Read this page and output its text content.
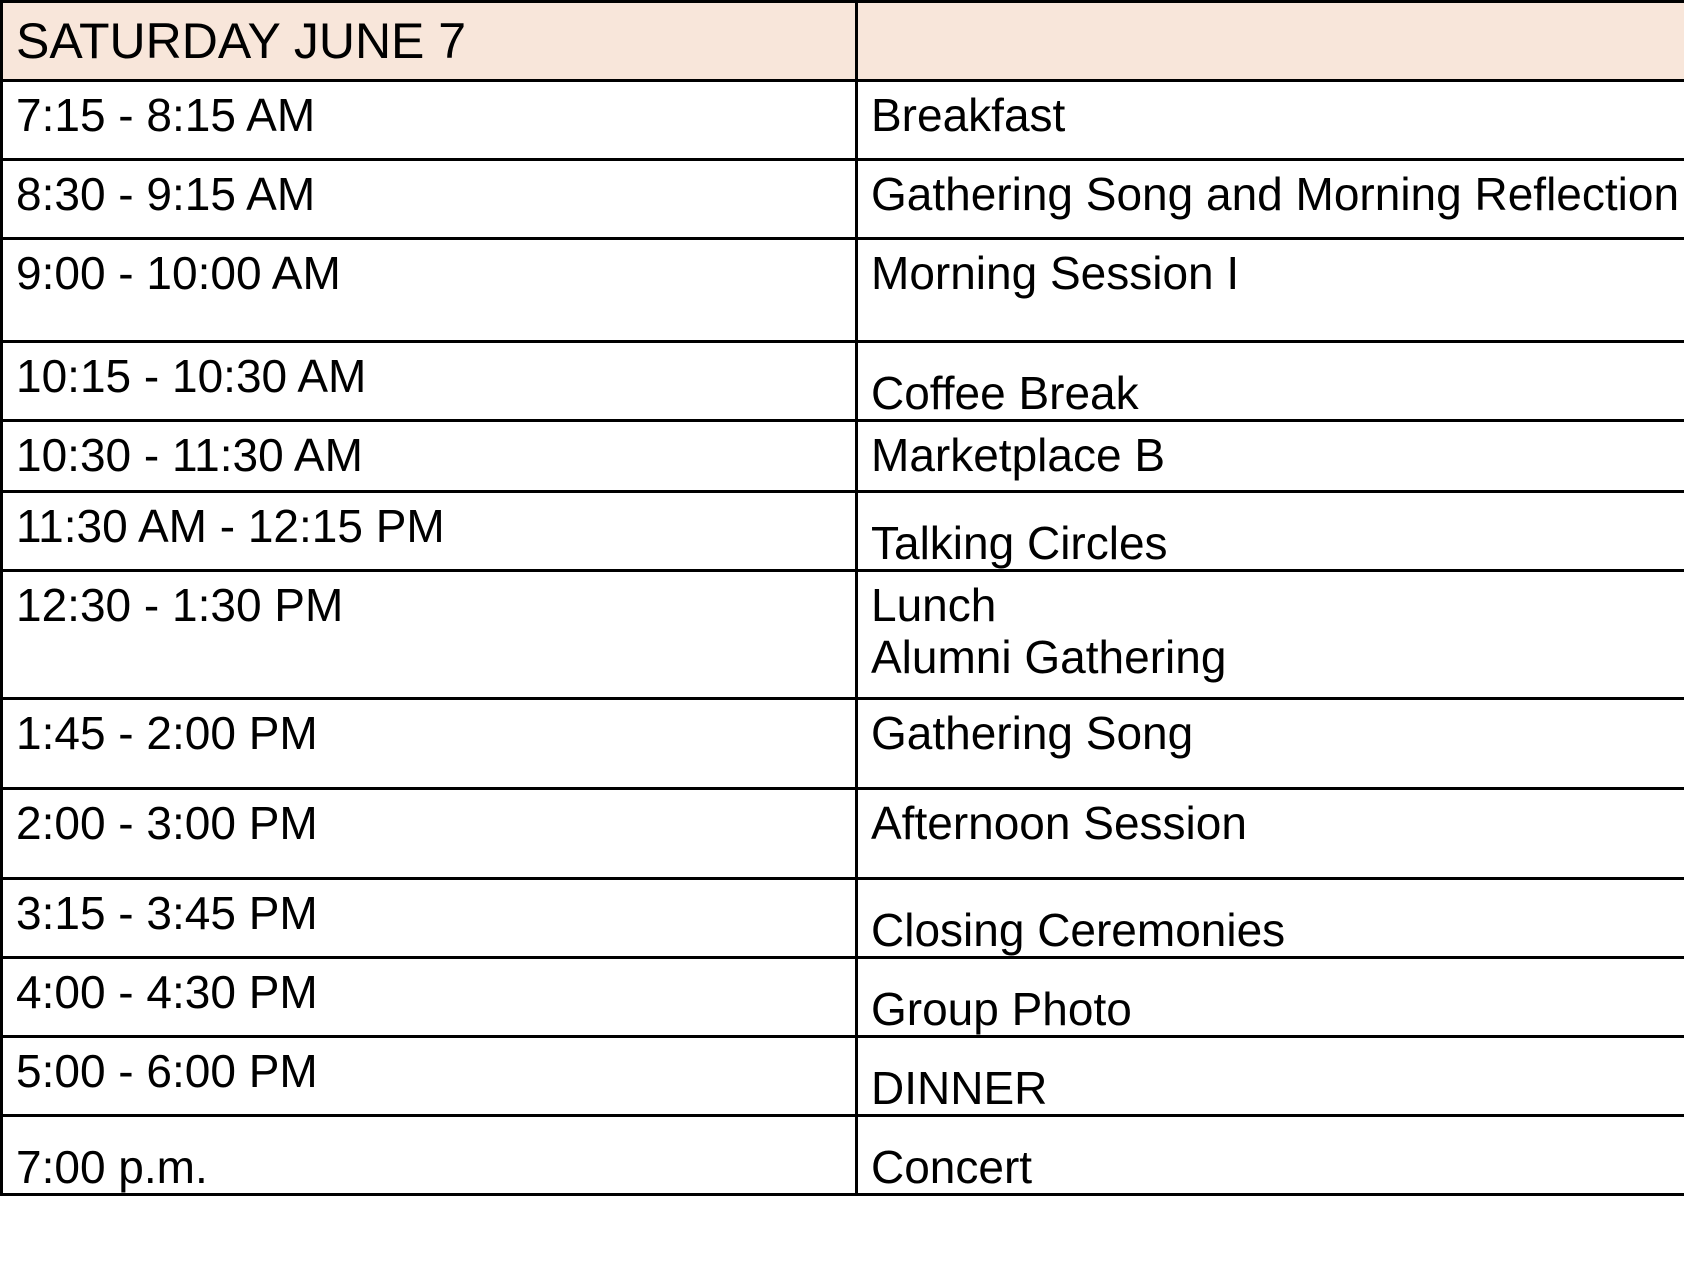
SATURDAY JUNE 7	

7:15 - 8:15 AM	Breakfast

8:30 - 9:15 AM	Gathering Song and Morning Reflection

9:00 - 10:00 AM	Morning Session I

10:15 - 10:30 AM	Coffee Break

10:30 - 11:30 AM	Marketplace B

11:30 AM - 12:15 PM	Talking Circles

12:30 - 1:30 PM	Lunch
Alumni Gathering

1:45 - 2:00 PM	Gathering Song

2:00 - 3:00 PM	Afternoon Session

3:15 - 3:45 PM	Closing Ceremonies

4:00 - 4:30 PM	Group Photo

5:00 - 6:00 PM	DINNER

7:00 p.m.	Concert
